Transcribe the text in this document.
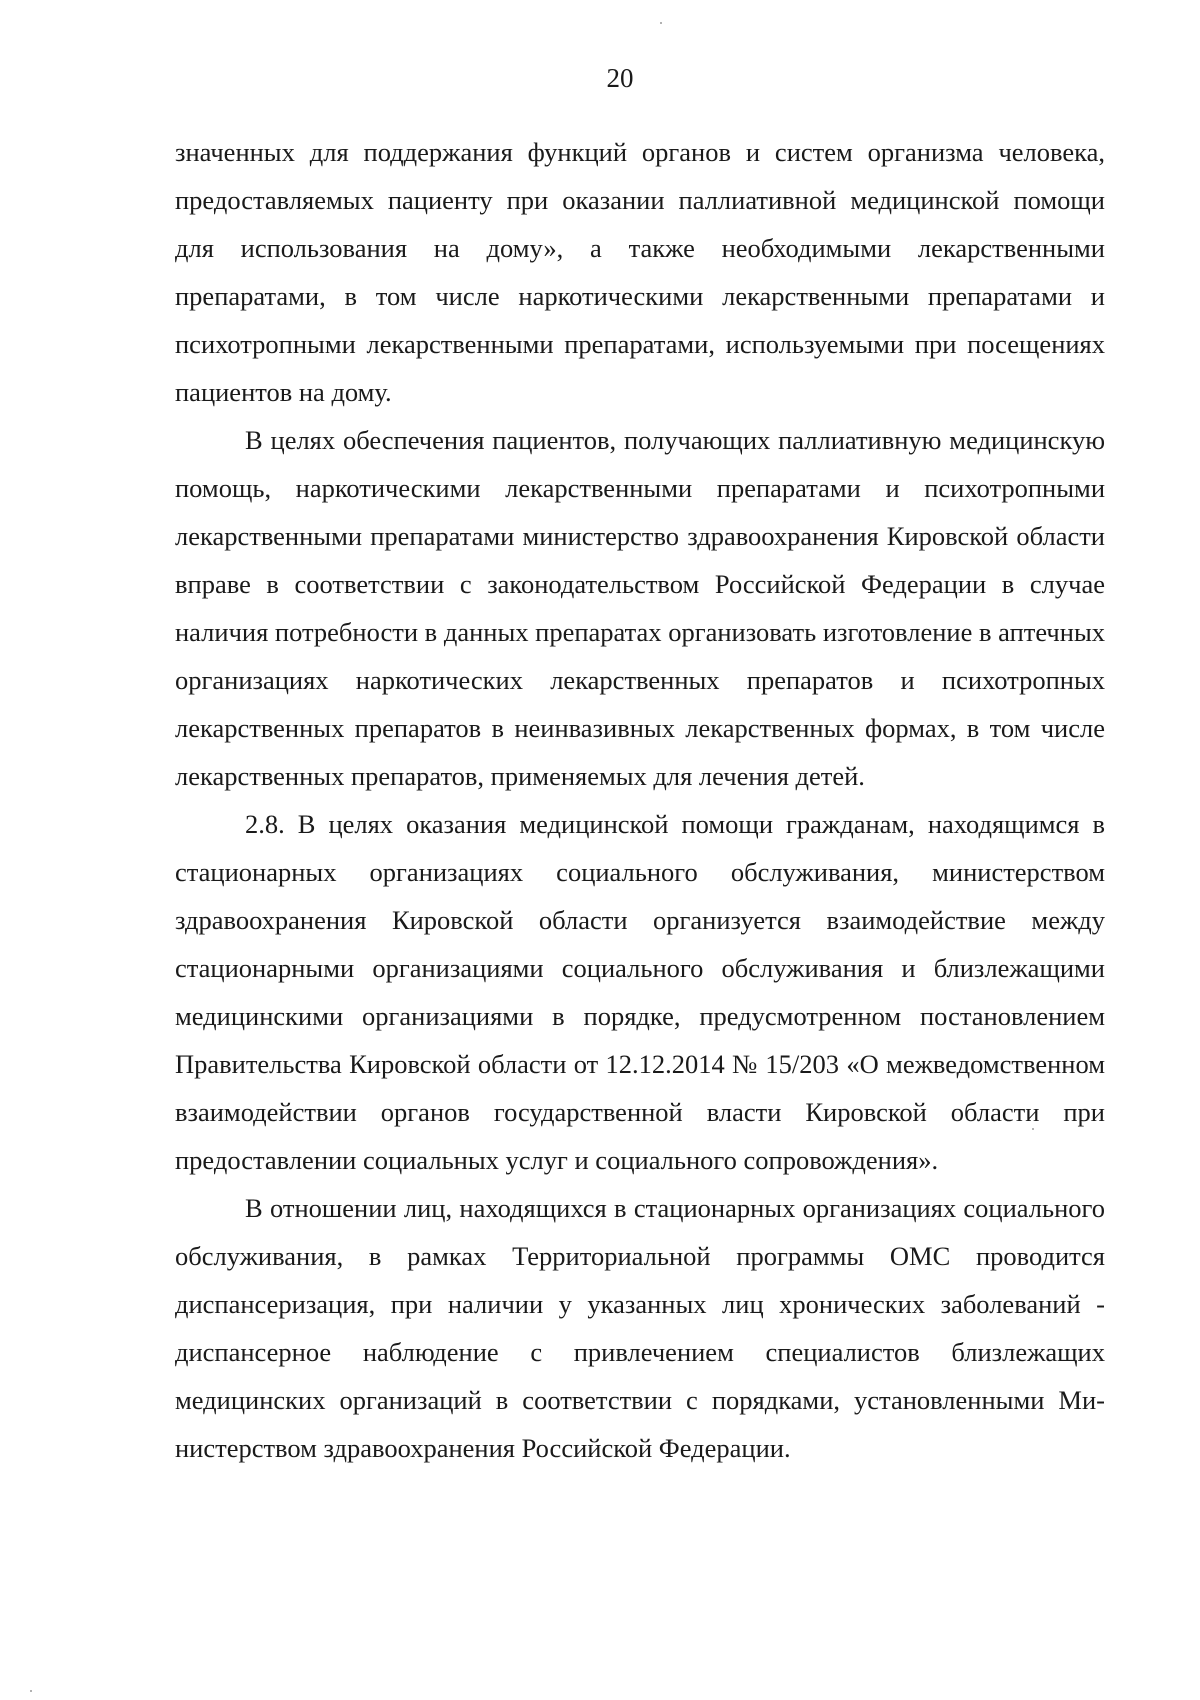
20

значенных для поддержания функций органов и систем организма человека, предоставляемых пациенту при оказании паллиативной медицинской помощи для использования на дому», а также необходимыми лекарственными препаратами, в том числе наркотическими лекарственными препаратами и психотропными лекарственными препаратами, используемыми при посещениях пациентов на дому.

В целях обеспечения пациентов, получающих паллиативную медицинскую помощь, наркотическими лекарственными препаратами и психотропными лекарственными препаратами министерство здравоохранения Кировской области вправе в соответствии с законодательством Российской Федерации в случае наличия потребности в данных препаратах организовать изготовление в аптечных организациях наркотических лекарственных препаратов и психотропных лекарственных препаратов в неинвазивных лекарственных формах, в том числе лекарственных препаратов, применяемых для лечения детей.

2.8. В целях оказания медицинской помощи гражданам, находящимся в стационарных организациях социального обслуживания, министерством здравоохранения Кировской области организуется взаимодействие между стационарными организациями социального обслуживания и близлежащими медицинскими организациями в порядке, предусмотренном постановлением Правительства Кировской области от 12.12.2014 № 15/203 «О межведомственном взаимодействии органов государственной власти Кировской области при предоставлении социальных услуг и социального сопровождения».

В отношении лиц, находящихся в стационарных организациях социального обслуживания, в рамках Территориальной программы ОМС проводится диспансеризация, при наличии у указанных лиц хронических заболеваний - диспансерное наблюдение с привлечением специалистов близлежащих медицинских организаций в соответствии с порядками, установленными Министерством здравоохранения Российской Федерации.
